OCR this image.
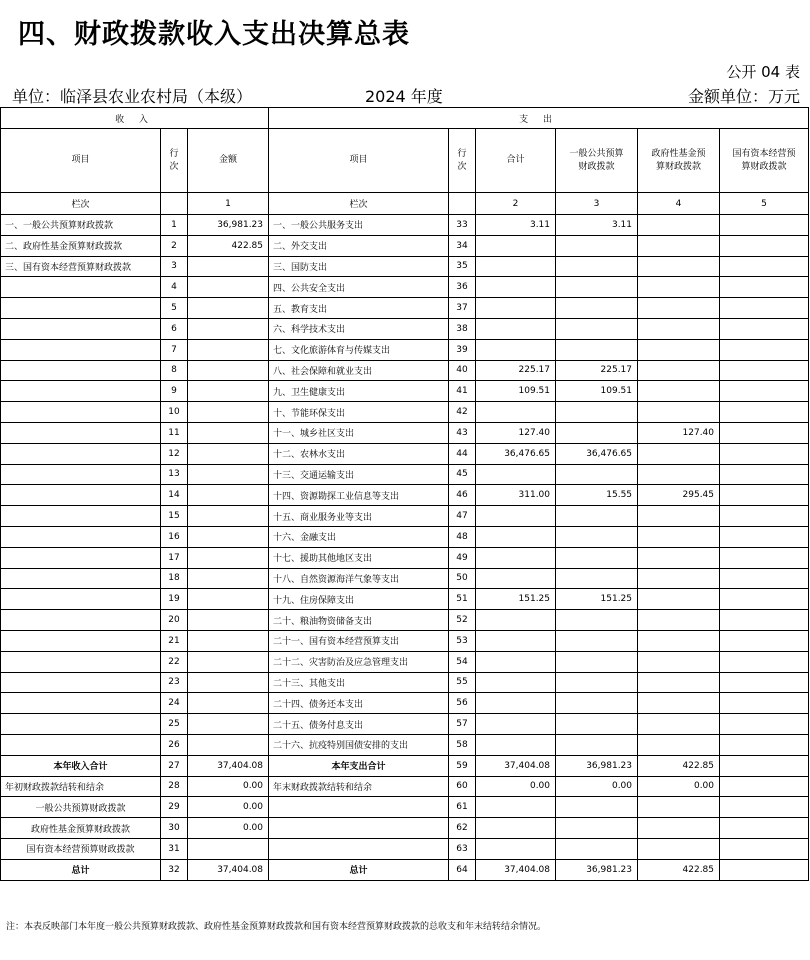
四、财政拨款收入支出决算总表
公开 04 表
单位：临泽县农业农村局（本级）	2024 年度	金额单位：万元
收 入			支 出					
项目	行次	金额	项目	行次	合计	一般公共预算财政拨款	政府性基金预算财政拨款	国有资本经营预算财政拨款
栏次		1	栏次		2	3	4	5
一、一般公共预算财政拨款	1	36,981.23	一、一般公共服务支出	33	3.11	3.11		
二、政府性基金预算财政拨款	2	422.85	二、外交支出	34				
三、国有资本经营预算财政拨款	3		三、国防支出	35				
	4		四、公共安全支出	36				
	5		五、教育支出	37				
	6		六、科学技术支出	38				
	7		七、文化旅游体育与传媒支出	39				
	8		八、社会保障和就业支出	40	225.17	225.17		
	9		九、卫生健康支出	41	109.51	109.51		
	10		十、节能环保支出	42				
	11		十一、城乡社区支出	43	127.40		127.40	
	12		十二、农林水支出	44	36,476.65	36,476.65		
	13		十三、交通运输支出	45				
	14		十四、资源勘探工业信息等支出	46	311.00	15.55	295.45	
	15		十五、商业服务业等支出	47				
	16		十六、金融支出	48				
	17		十七、援助其他地区支出	49				
	18		十八、自然资源海洋气象等支出	50				
	19		十九、住房保障支出	51	151.25	151.25		
	20		二十、粮油物资储备支出	52				
	21		二十一、国有资本经营预算支出	53				
	22		二十二、灾害防治及应急管理支出	54				
	23		二十三、其他支出	55				
	24		二十四、债务还本支出	56				
	25		二十五、债务付息支出	57				
	26		二十六、抗疫特别国债安排的支出	58				
本年收入合计	27	37,404.08	本年支出合计	59	37,404.08	36,981.23	422.85	
年初财政拨款结转和结余	28	0.00	年末财政拨款结转和结余	60	0.00	0.00	0.00	
一般公共预算财政拨款	29	0.00		61				
政府性基金预算财政拨款	30	0.00		62				
国有资本经营预算财政拨款	31			63				
总计	32	37,404.08	总计	64	37,404.08	36,981.23	422.85	
注：本表反映部门本年度一般公共预算财政拨款、政府性基金预算财政拨款和国有资本经营预算财政拨款的总收支和年末结转结余情况。
